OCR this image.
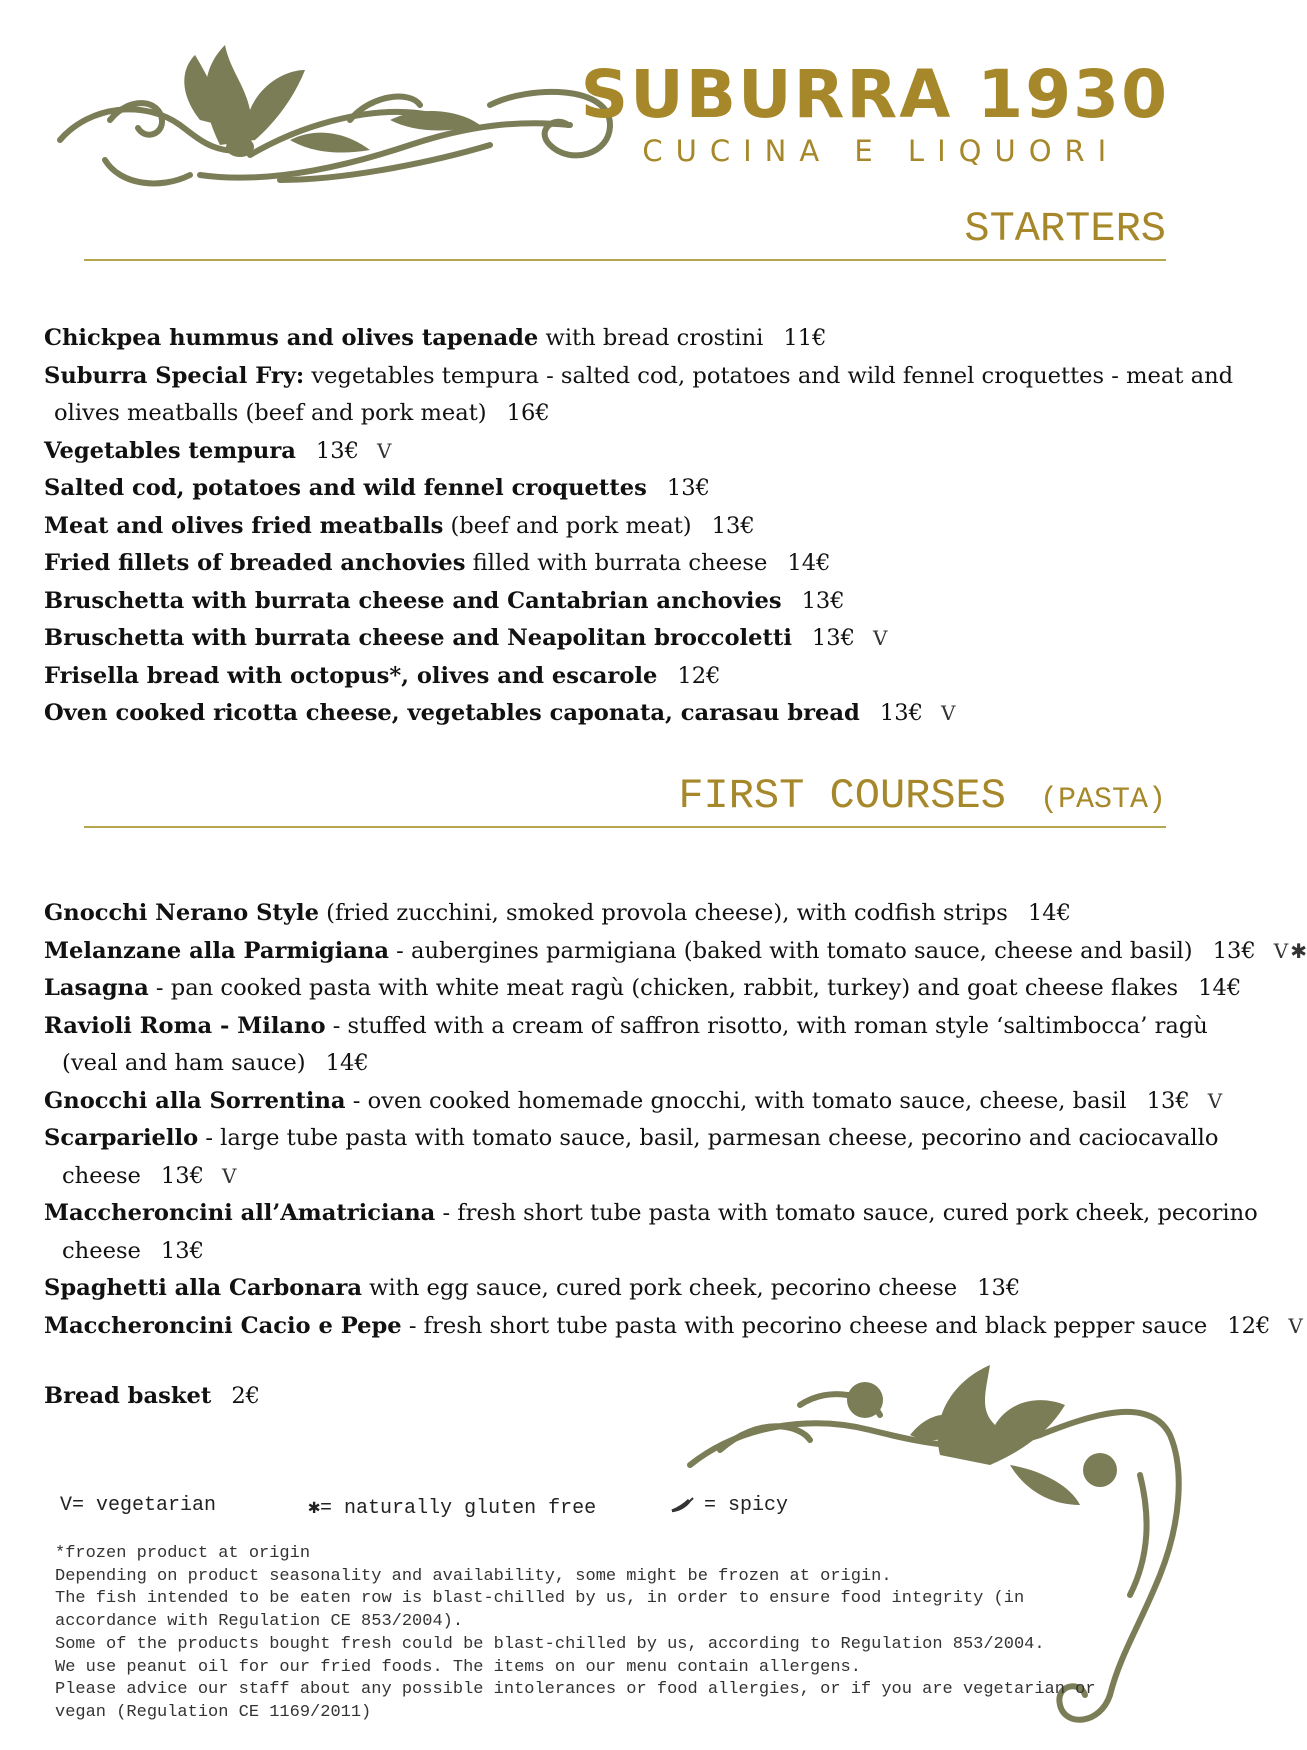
SUBURRA 1930
CUCINA E LIQUORI
STARTERS
Chickpea hummus and olives tapenade with bread crostini 11€
Suburra Special Fry: vegetables tempura - salted cod, potatoes and wild fennel croquettes - meat and
olives meatballs (beef and pork meat) 16€
Vegetables tempura 13€ V
Salted cod, potatoes and wild fennel croquettes 13€
Meat and olives fried meatballs (beef and pork meat) 13€
Fried fillets of breaded anchovies filled with burrata cheese 14€
Bruschetta with burrata cheese and Cantabrian anchovies 13€
Bruschetta with burrata cheese and Neapolitan broccoletti 13€ V
Frisella bread with octopus*, olives and escarole 12€
Oven cooked ricotta cheese, vegetables caponata, carasau bread 13€ V
FIRST COURSES (PASTA)
Gnocchi Nerano Style (fried zucchini, smoked provola cheese), with codfish strips 14€
Melanzane alla Parmigiana - aubergines parmigiana (baked with tomato sauce, cheese and basil) 13€ V ✱
Lasagna - pan cooked pasta with white meat ragù (chicken, rabbit, turkey) and goat cheese flakes 14€
Ravioli Roma - Milano - stuffed with a cream of saffron risotto, with roman style ‘saltimbocca’ ragù
(veal and ham sauce) 14€
Gnocchi alla Sorrentina - oven cooked homemade gnocchi, with tomato sauce, cheese, basil 13€ V
Scarpariello - large tube pasta with tomato sauce, basil, parmesan cheese, pecorino and caciocavallo
cheese 13€ V
Maccheroncini all’Amatriciana - fresh short tube pasta with tomato sauce, cured pork cheek, pecorino
cheese 13€
Spaghetti alla Carbonara with egg sauce, cured pork cheek, pecorino cheese 13€
Maccheroncini Cacio e Pepe - fresh short tube pasta with pecorino cheese and black pepper sauce 12€ V
Bread basket 2€
V= vegetarian	✱= naturally gluten free	= spicy
*frozen product at origin
Depending on product seasonality and availability, some might be frozen at origin.
The fish intended to be eaten row is blast-chilled by us, in order to ensure food integrity (in
accordance with Regulation CE 853/2004).
Some of the products bought fresh could be blast-chilled by us, according to Regulation 853/2004.
We use peanut oil for our fried foods. The items on our menu contain allergens.
Please advice our staff about any possible intolerances or food allergies, or if you are vegetarian or
vegan (Regulation CE 1169/2011)
